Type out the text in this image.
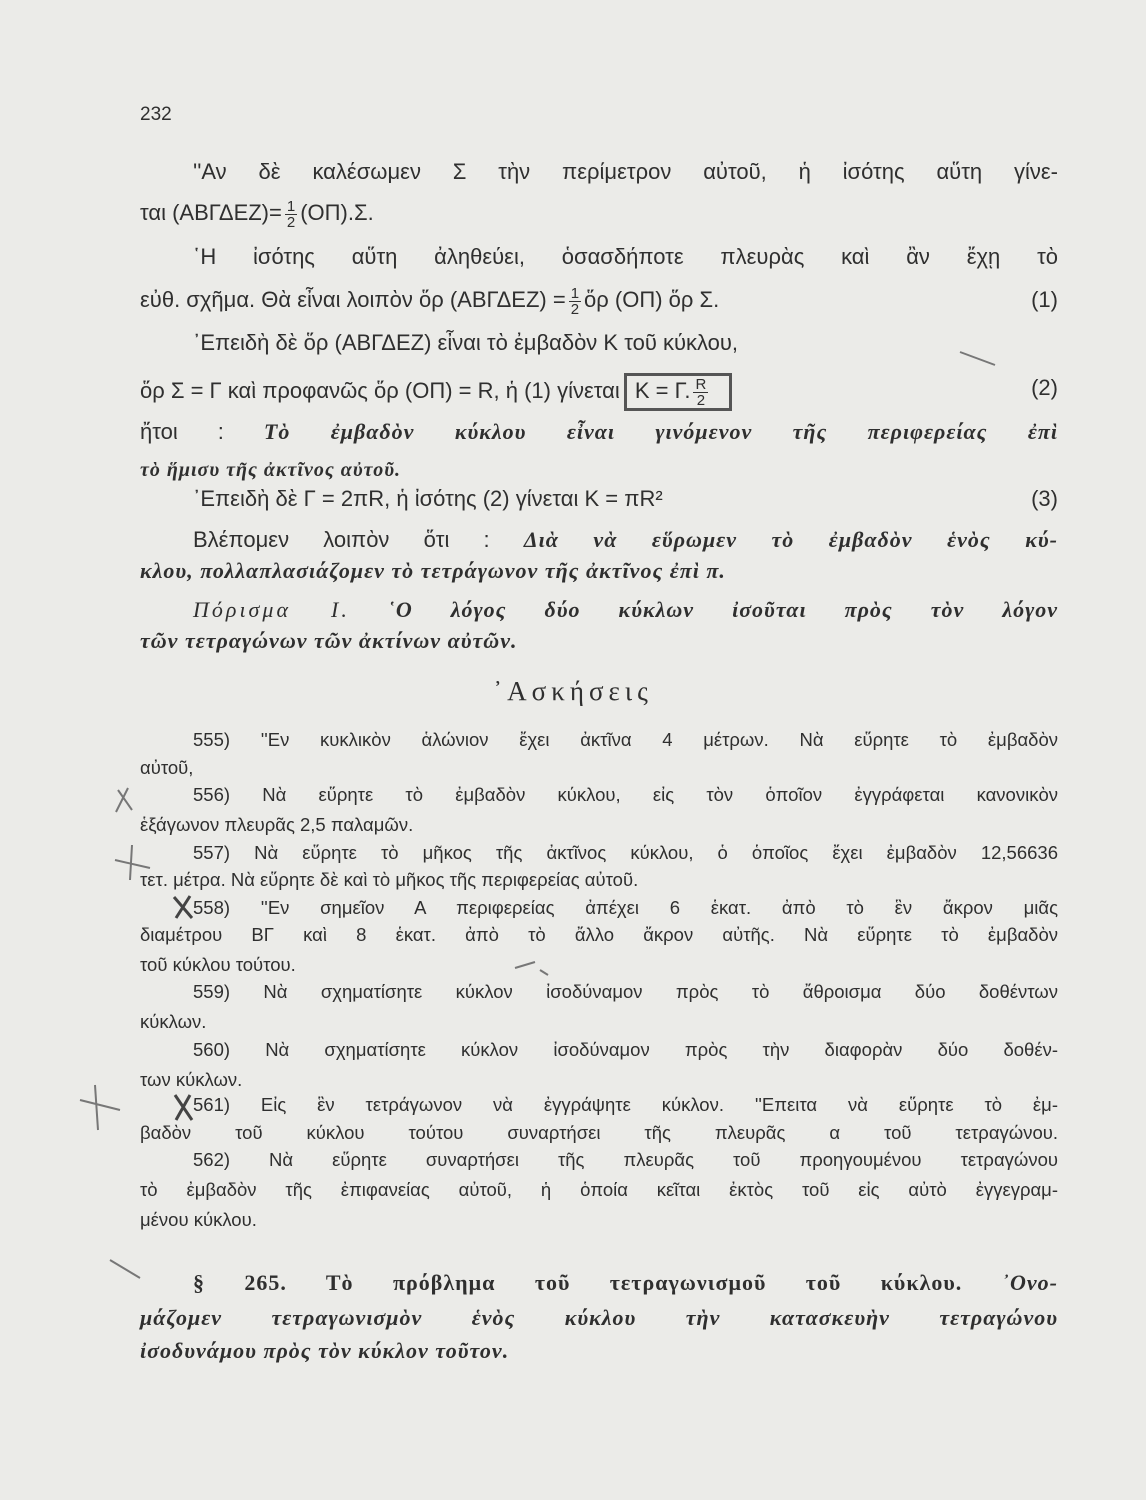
232
''Αν δὲ καλέσωμεν Σ τὴν περίμετρον αὐτοῦ, ἡ ἰσότης αὕτη γίνε-
ται $(AB\Gamma\Delta EZ)= \frac{1}{2} (O\Pi).\Sigma$.
῾Η ἰσότης αὕτη ἀληθεύει, ὁσασδήποτε πλευρὰς καὶ ἂν ἔχῃ τὸ
εὐθ. σχῆμα. Θὰ εἶναι λοιπὸν ὅρ $(AB\Gamma\Delta EZ) = \frac{1}{2}$ ὅρ (ΟΠ) ὅρ Σ.	(1)
᾿Επειδὴ δὲ ὅρ (ΑΒΓΔΕΖ) εἶναι τὸ ἐμβαδὸν Κ τοῦ κύκλου,
ὅρ Σ = Γ καὶ προφανῶς ὅρ (ΟΠ) = R, ἡ (1) γίνεται Κ = Γ. $\frac{R}{2}$	(2)
ἤτοι : Τὸ ἐμβαδὸν κύκλου εἶναι γινόμενον τῆς περιφερείας ἐπὶ
τὸ ἥμισυ τῆς ἀκτῖνος αὐτοῦ.
᾿Επειδὴ δὲ Γ = 2πR, ἡ ἰσότης (2) γίνεται Κ = πR²	(3)
Βλέπομεν λοιπὸν ὅτι : Διὰ νὰ εὕρωμεν τὸ ἐμβαδὸν ἑνὸς κύ-
κλου, πολλαπλασιάζομεν τὸ τετράγωνον τῆς ἀκτῖνος ἐπὶ π.
Πόρισμα Ι. ῾Ο λόγος δύο κύκλων ἰσοῦται πρὸς τὸν λόγον
τῶν τετραγώνων τῶν ἀκτίνων αὐτῶν.
᾿Ασκήσεις
555) ''Εν κυκλικὸν ἁλώνιον ἔχει ἀκτῖνα 4 μέτρων. Νὰ εὕρητε τὸ ἐμβαδὸν
αὐτοῦ,
556) Νὰ εὕρητε τὸ ἐμβαδὸν κύκλου, εἰς τὸν ὁποῖον ἐγγράφεται κανονικὸν
ἑξάγωνον πλευρᾶς 2,5 παλαμῶν.
557) Νὰ εὕρητε τὸ μῆκος τῆς ἀκτῖνος κύκλου, ὁ ὁποῖος ἔχει ἐμβαδὸν 12,56636
τετ. μέτρα. Νὰ εὕρητε δὲ καὶ τὸ μῆκος τῆς περιφερείας αὐτοῦ.
558) ''Εν σημεῖον Α περιφερείας ἀπέχει 6 ἑκατ. ἀπὸ τὸ ἓν ἄκρον μιᾶς
διαμέτρου ΒΓ καὶ 8 ἑκατ. ἀπὸ τὸ ἄλλο ἄκρον αὐτῆς. Νὰ εὕρητε τὸ ἐμβαδὸν
τοῦ κύκλου τούτου.
559) Νὰ σχηματίσητε κύκλον ἰσοδύναμον πρὸς τὸ ἄθροισμα δύο δοθέντων
κύκλων.
560) Νὰ σχηματίσητε κύκλον ἰσοδύναμον πρὸς τὴν διαφορὰν δύο δοθέν-
των κύκλων.
561) Εἰς ἓν τετράγωνον νὰ ἐγγράψητε κύκλον. ''Επειτα νὰ εὕρητε τὸ ἐμ-
βαδὸν τοῦ κύκλου τούτου συναρτήσει τῆς πλευρᾶς α τοῦ τετραγώνου.
562) Νὰ εὕρητε συναρτήσει τῆς πλευρᾶς τοῦ προηγουμένου τετραγώνου
τὸ ἐμβαδὸν τῆς ἐπιφανείας αὐτοῦ, ἡ ὁποία κεῖται ἐκτὸς τοῦ εἰς αὐτὸ ἐγγεγραμ-
μένου κύκλου.
§ 265. Τὸ πρόβλημα τοῦ τετραγωνισμοῦ τοῦ κύκλου. ᾿Ονο-
μάζομεν τετραγωνισμὸν ἑνὸς κύκλου τὴν κατασκευὴν τετραγώνου
ἰσοδυνάμου πρὸς τὸν κύκλον τοῦτον.
